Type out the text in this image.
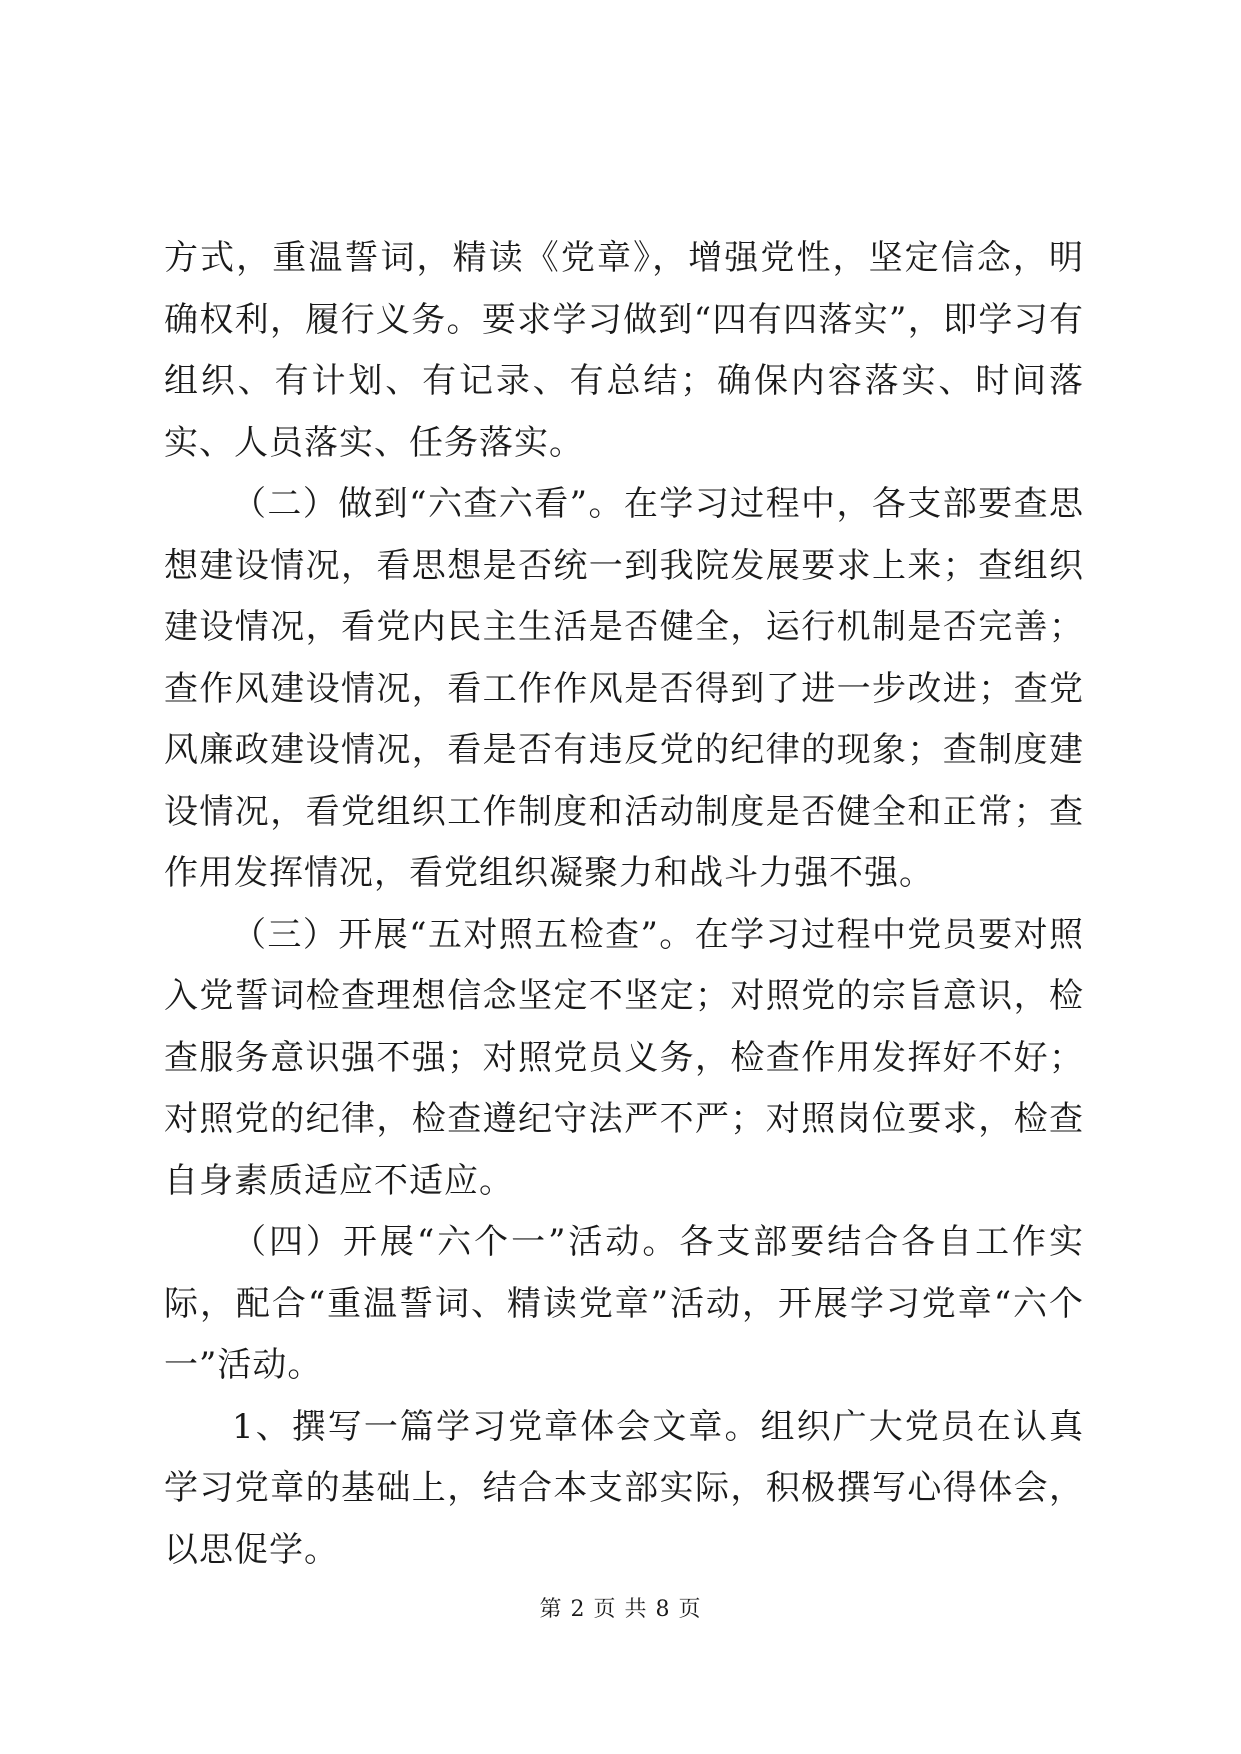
方式，重温誓词，精读《党章》，增强党性，坚定信念，明确权利，履行义务。要求学习做到“四有四落实”，即学习有组织、有计划、有记录、有总结；确保内容落实、时间落实、人员落实、任务落实。

（二）做到“六查六看”。在学习过程中，各支部要查思想建设情况，看思想是否统一到我院发展要求上来；查组织建设情况，看党内民主生活是否健全，运行机制是否完善；查作风建设情况，看工作作风是否得到了进一步改进；查党风廉政建设情况，看是否有违反党的纪律的现象；查制度建设情况，看党组织工作制度和活动制度是否健全和正常；查作用发挥情况，看党组织凝聚力和战斗力强不强。

（三）开展“五对照五检查”。在学习过程中党员要对照入党誓词检查理想信念坚定不坚定；对照党的宗旨意识，检查服务意识强不强；对照党员义务，检查作用发挥好不好；对照党的纪律，检查遵纪守法严不严；对照岗位要求，检查自身素质适应不适应。

（四）开展“六个一”活动。各支部要结合各自工作实际，配合“重温誓词、精读党章”活动，开展学习党章“六个一”活动。

1、撰写一篇学习党章体会文章。组织广大党员在认真学习党章的基础上，结合本支部实际，积极撰写心得体会，以思促学。

第 2 页 共 8 页
